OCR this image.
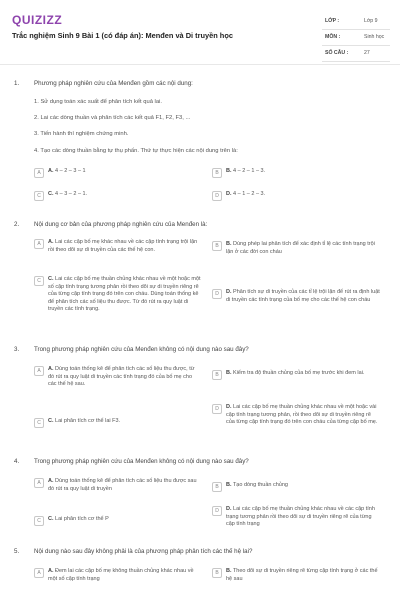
QUIZIZZ
Trắc nghiệm Sinh 9 Bài 1 (có đáp án): Menđen và Di truyền học
LỚP :	Lớp 9
MÔN :	Sinh học
SỐ CÂU :	27
1. Phương pháp nghiên cứu của Menđen gồm các nội dung:
1. Sử dụng toán xác suất để phân tích kết quả lai.
2. Lai các dòng thuần và phân tích các kết quả F1, F2, F3, ...
3. Tiến hành thí nghiệm chứng minh.
4. Tạo các dòng thuần bằng tự thụ phấn. Thứ tự thực hiện các nội dung trên là:
A	A. 4 – 2 – 3 – 1	B	B. 4 – 2 – 1 – 3.
C	C. 4 – 3 – 2 – 1.	D	D. 4 – 1 – 2 – 3.
2. Nội dung cơ bản của phương pháp nghiên cứu của Menđen là:
A	A. Lai các cặp bố mẹ khác nhau về các cặp tính trạng trội lặn rồi theo dõi sự di truyền của các thế hệ con.
B	B. Dùng phép lai phân tích để xác định tỉ lệ các tính trạng trội lặn ở các đời con cháu
C	C. Lai các cặp bố mẹ thuần chủng khác nhau về một hoặc một số cặp tính trạng tương phản rồi theo dõi sự di truyền riêng rẽ của từng cặp tính trạng đó trên con cháu. Dùng toán thống kê để phân tích các số liệu thu được. Từ đó rút ra quy luật di truyền các tính trạng.
D	D. Phân tích sự di truyền của các tỉ lệ trội lặn để rút ra định luật di truyền các tính trạng của bố mẹ cho các thế hệ con cháu
3. Trong phương pháp nghiên cứu của Menđen không có nội dung nào sau đây?
A	A. Dùng toán thống kê để phân tích các số liệu thu được, từ đó rút ra quy luật di truyền các tính trạng đó của bố mẹ cho các thế hệ sau.
B	B. Kiểm tra độ thuần chủng của bố mẹ trước khi đem lai.
C	C. Lai phân tích cơ thể lai F3.
D	D. Lai các cặp bố mẹ thuần chủng khác nhau về một hoặc vài cặp tính trạng tương phản, rồi theo dõi sự di truyền riêng rẽ của từng cặp tính trạng đó trên con cháu của từng cặp bố mẹ.
4. Trong phương pháp nghiên cứu của Menđen không có nội dung nào sau đây?
A	A. Dùng toán thống kê để phân tích các số liệu thu được sau đó rút ra quy luật di truyền	B	B. Tạo dòng thuần chủng
C	C. Lai phân tích cơ thể P
D	D. Lai các cặp bố mẹ thuần chủng khác nhau về các cặp tính trạng tương phản rồi theo dõi sự di truyền riêng rẽ của từng cặp tính trạng
5. Nội dung nào sau đây không phải là của phương pháp phân tích các thế hệ lai?
A	A. Đem lai các cặp bố mẹ không thuần chủng khác nhau về một số cặp tính trạng
B	B. Theo dõi sự di truyền riêng rẽ từng cặp tính trạng ở các thế hệ sau
